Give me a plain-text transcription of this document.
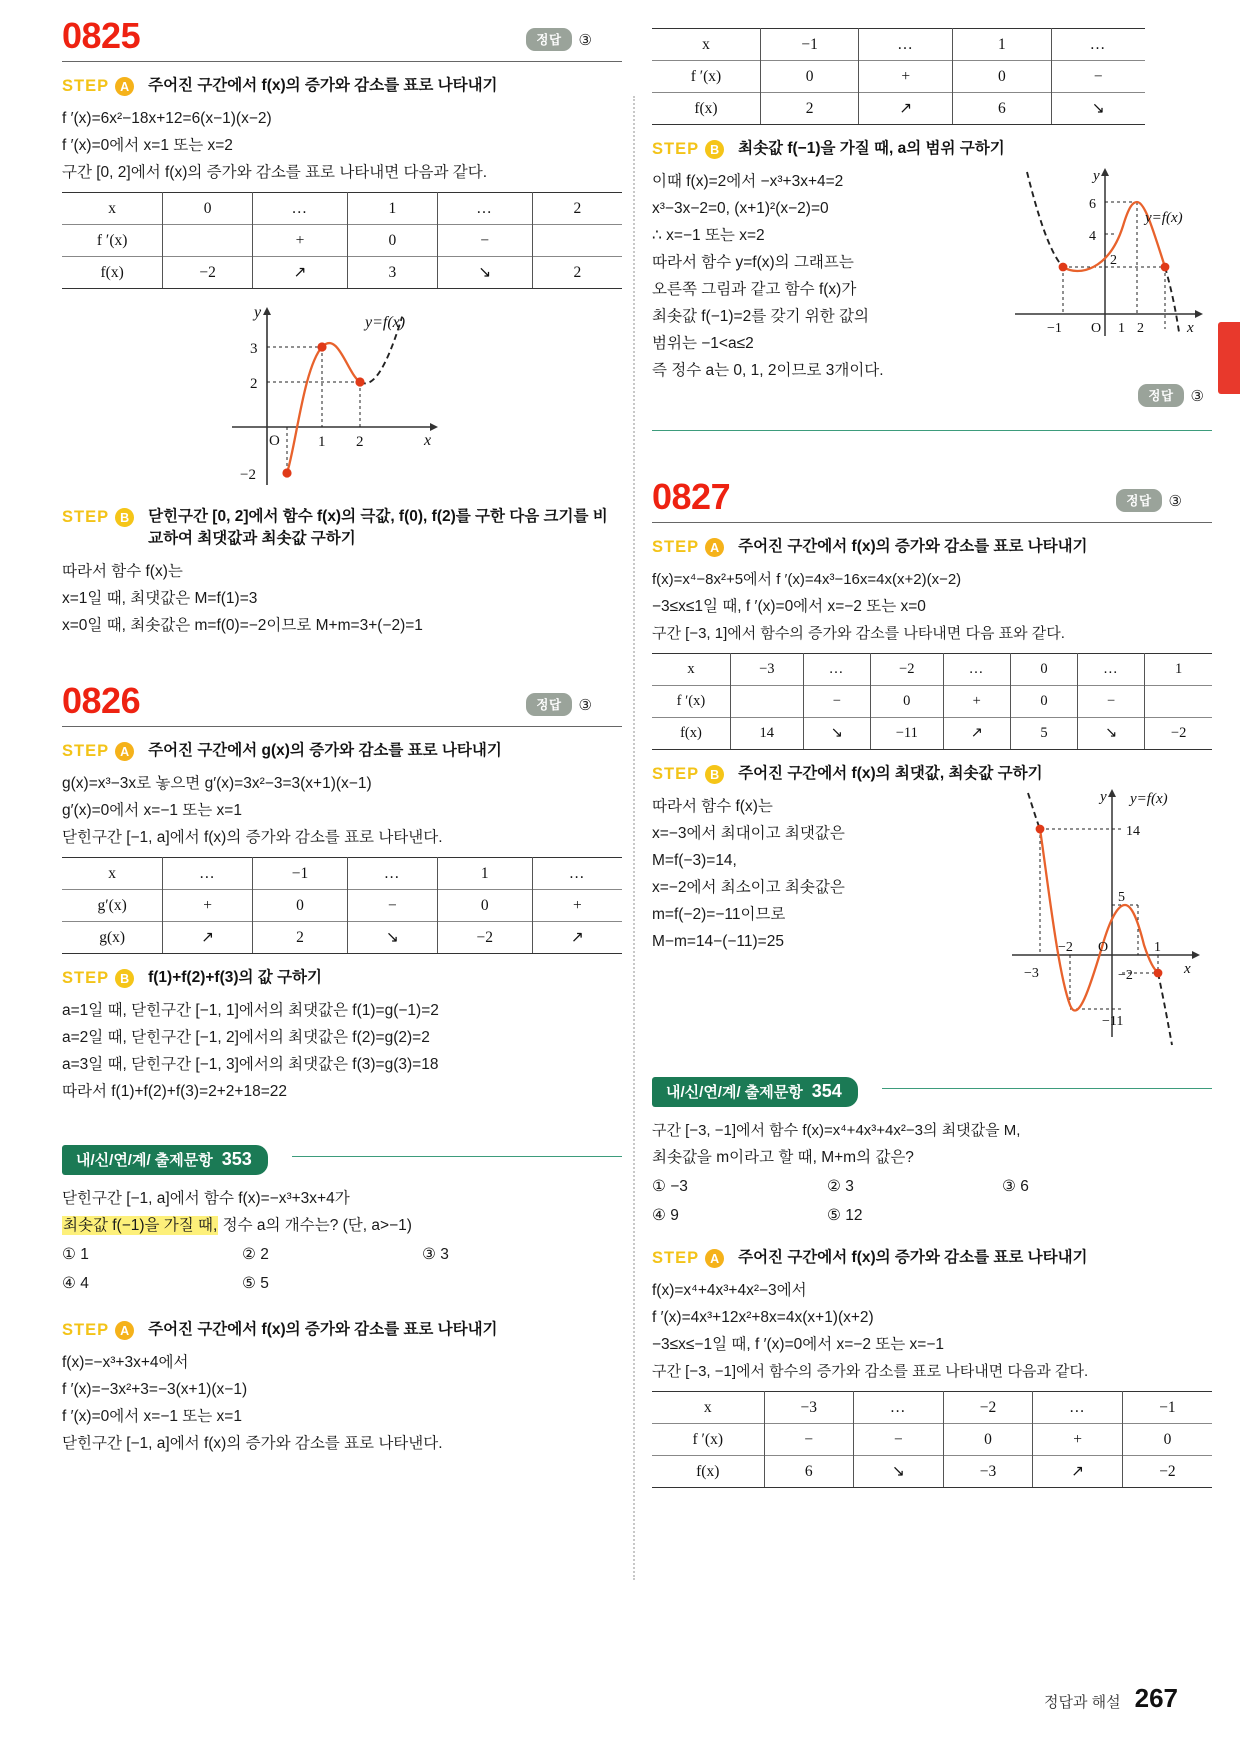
0825	정답	③
STEP A	주어진 구간에서 f(x)의 증가와 감소를 표로 나타내기
f ′(x)=6x²−18x+12=6(x−1)(x−2)
f ′(x)=0에서 x=1 또는 x=2
구간 [0, 2]에서 f(x)의 증가와 감소를 표로 나타내면 다음과 같다.
x	0	…	1	…	2
f ′(x)		+	0	−	
f(x)	−2	↗	3	↘	2
3
2
−2
O	1 2	x
y
y=f(x)
STEP B	닫힌구간 [0, 2]에서 함수 f(x)의 극값, f(0), f(2)를 구한 다음 크기를 비교하여 최댓값과 최솟값 구하기
따라서 함수 f(x)는
x=1일 때, 최댓값은 M=f(1)=3
x=0일 때, 최솟값은 m=f(0)=−2이므로 M+m=3+(−2)=1
0826	정답	③
STEP A	주어진 구간에서 g(x)의 증가와 감소를 표로 나타내기
g(x)=x³−3x로 놓으면 g′(x)=3x²−3=3(x+1)(x−1)
g′(x)=0에서 x=−1 또는 x=1
닫힌구간 [−1, a]에서 f(x)의 증가와 감소를 표로 나타낸다.
x	…	−1	…	1	…
g′(x)	+	0	−	0	+
g(x)	↗	2	↘	−2	↗
STEP B	f(1)+f(2)+f(3)의 값 구하기
a=1일 때, 닫힌구간 [−1, 1]에서의 최댓값은 f(1)=g(−1)=2
a=2일 때, 닫힌구간 [−1, 2]에서의 최댓값은 f(2)=g(2)=2
a=3일 때, 닫힌구간 [−1, 3]에서의 최댓값은 f(3)=g(3)=18
따라서 f(1)+f(2)+f(3)=2+2+18=22
내/신/연/계/ 출제문항 353
닫힌구간 [−1, a]에서 함수 f(x)=−x³+3x+4가
최솟값 f(−1)을 가질 때, 정수 a의 개수는? (단, a>−1)
① 1	② 2	③ 3
④ 4	⑤ 5
STEP A	주어진 구간에서 f(x)의 증가와 감소를 표로 나타내기
f(x)=−x³+3x+4에서
f ′(x)=−3x²+3=−3(x+1)(x−1)
f ′(x)=0에서 x=−1 또는 x=1
닫힌구간 [−1, a]에서 f(x)의 증가와 감소를 표로 나타낸다.
x	−1	…	1	…
f ′(x)	0	+	0	−
f(x)	2	↗	6	↘
STEP B	최솟값 f(−1)을 가질 때, a의 범위 구하기
이때 f(x)=2에서 −x³+3x+4=2
x³−3x−2=0, (x+1)²(x−2)=0
∴ x=−1 또는 x=2
따라서 함수 y=f(x)의 그래프는
오른쪽 그림과 같고 함수 f(x)가
최솟값 f(−1)=2를 갖기 위한 값의
범위는 −1<a≤2
즉 정수 a는 0, 1, 2이므로 3개이다.
6
4
2
−1 O 1 2	x
y
y=f(x)
정답	③
0827	정답	③
STEP A	주어진 구간에서 f(x)의 증가와 감소를 표로 나타내기
f(x)=x⁴−8x²+5에서 f ′(x)=4x³−16x=4x(x+2)(x−2)
−3≤x≤1일 때, f ′(x)=0에서 x=−2 또는 x=0
구간 [−3, 1]에서 함수의 증가와 감소를 나타내면 다음 표와 같다.
x	−3	…	−2	…	0	…	1
f ′(x)		−	0	+	0	−	
f(x)	14	↘	−11	↗	5	↘	−2
STEP B	주어진 구간에서 f(x)의 최댓값, 최솟값 구하기
따라서 함수 f(x)는
x=−3에서 최대이고 최댓값은
M=f(−3)=14,
x=−2에서 최소이고 최솟값은
m=f(−2)=−11이므로
M−m=14−(−11)=25
14
5
−2
−11
−3
−2 O	1
x
y y=f(x)
내/신/연/계/ 출제문항 354
구간 [−3, −1]에서 함수 f(x)=x⁴+4x³+4x²−3의 최댓값을 M,
최솟값을 m이라고 할 때, M+m의 값은?
① −3	② 3	③ 6
④ 9	⑤ 12
STEP A	주어진 구간에서 f(x)의 증가와 감소를 표로 나타내기
f(x)=x⁴+4x³+4x²−3에서
f ′(x)=4x³+12x²+8x=4x(x+1)(x+2)
−3≤x≤−1일 때, f ′(x)=0에서 x=−2 또는 x=−1
구간 [−3, −1]에서 함수의 증가와 감소를 표로 나타내면 다음과 같다.
x	−3	…	−2	…	−1
f ′(x)	−	−	0	+	0
f(x)	6	↘	−3	↗	−2
정답과 해설 267
